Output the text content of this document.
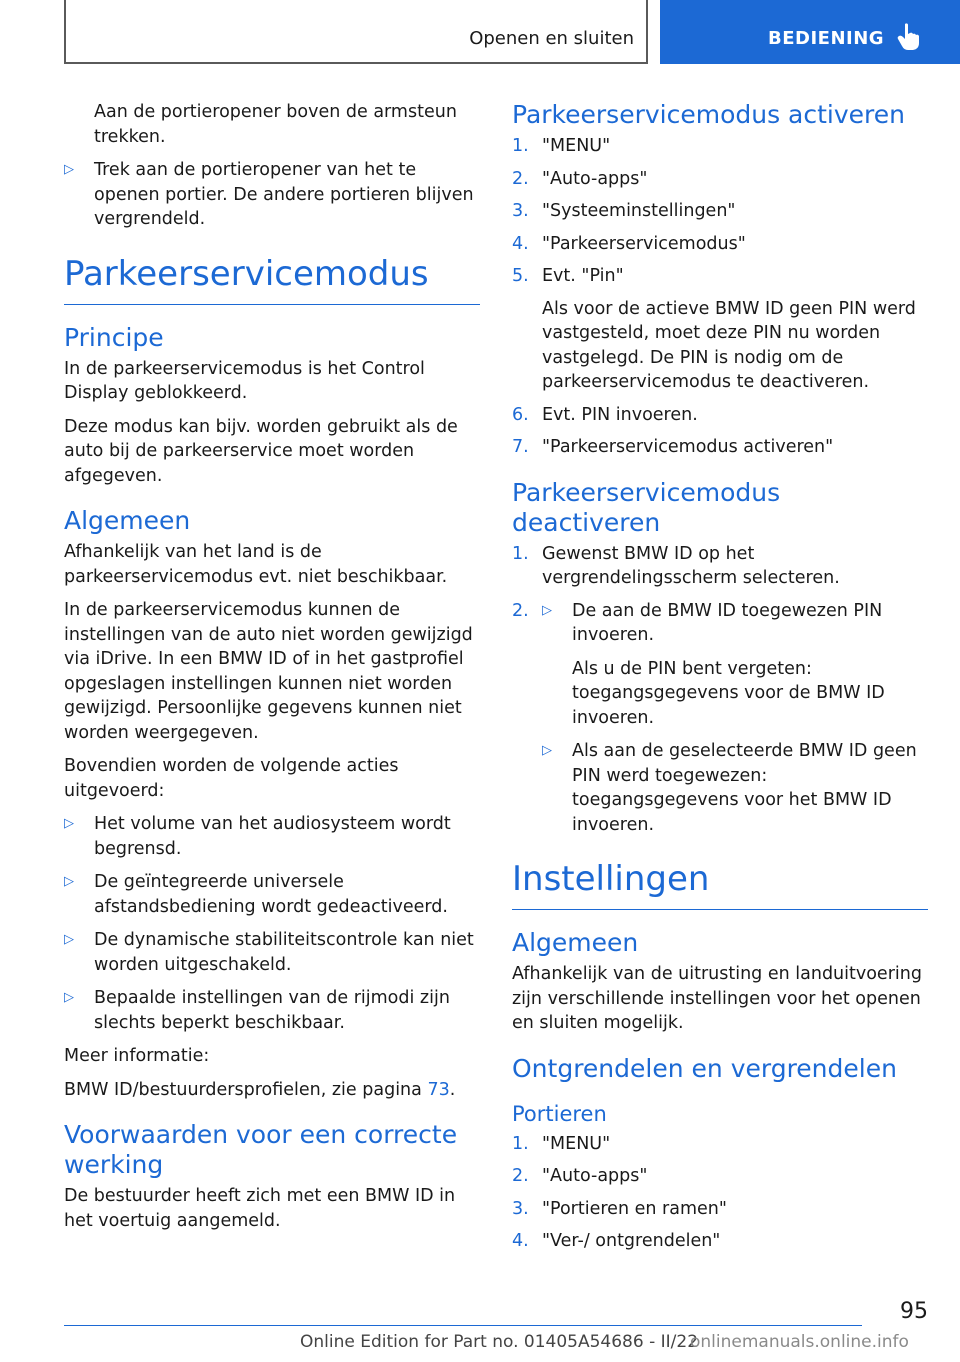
Openen en sluiten	BEDIENING

Aan de portieropener boven de armsteun trekken.

▷ Trek aan de portieropener van het te openen portier. De andere portieren blijven vergrendeld.
Parkeerservicemodus
Principe

In de parkeerservicemodus is het Control Display geblokkeerd.

Deze modus kan bijv. worden gebruikt als de auto bij de parkeerservice moet worden afgegeven.

Algemeen

Afhankelijk van het land is de parkeerservicemodus evt. niet beschikbaar.

In de parkeerservicemodus kunnen de instellingen van de auto niet worden gewijzigd via iDrive. In een BMW ID of in het gastprofiel opgeslagen instellingen kunnen niet worden gewijzigd. Persoonlijke gegevens kunnen niet worden weergegeven.

Bovendien worden de volgende acties uitgevoerd:

▷ Het volume van het audiosysteem wordt begrensd.
▷ De geïntegreerde universele afstandsbediening wordt gedeactiveerd.
▷ De dynamische stabiliteitscontrole kan niet worden uitgeschakeld.
▷ Bepaalde instellingen van de rijmodi zijn slechts beperkt beschikbaar.

Meer informatie:

BMW ID/bestuurdersprofielen, zie pagina 73.

Voorwaarden voor een correcte werking

De bestuurder heeft zich met een BMW ID in het voertuig aangemeld.

Parkeerservicemodus activeren
1. "MENU"
2. "Auto-apps"
3. "Systeeminstellingen"
4. "Parkeerservicemodus"
5. Evt. "Pin"
Als voor de actieve BMW ID geen PIN werd vastgesteld, moet deze PIN nu worden vastgelegd. De PIN is nodig om de parkeerservicemodus te deactiveren.
6. Evt. PIN invoeren.
7. "Parkeerservicemodus activeren"
Parkeerservicemodus deactiveren
1. Gewenst BMW ID op het vergrendelingsscherm selecteren.
2. ▷ De aan de BMW ID toegewezen PIN invoeren.
Als u de PIN bent vergeten: toegangsgegevens voor de BMW ID invoeren.
▷ Als aan de geselecteerde BMW ID geen PIN werd toegewezen: toegangsgegevens voor het BMW ID invoeren.
Instellingen
Algemeen

Afhankelijk van de uitrusting en landuitvoering zijn verschillende instellingen voor het openen en sluiten mogelijk.

Ontgrendelen en vergrendelen
Portieren
1. "MENU"
2. "Auto-apps"
3. "Portieren en ramen"
4. "Ver-/ ontgrendelen"
95
Online Edition for Part no. 01405A54686 - II/22
onlinemanuals.online.info
